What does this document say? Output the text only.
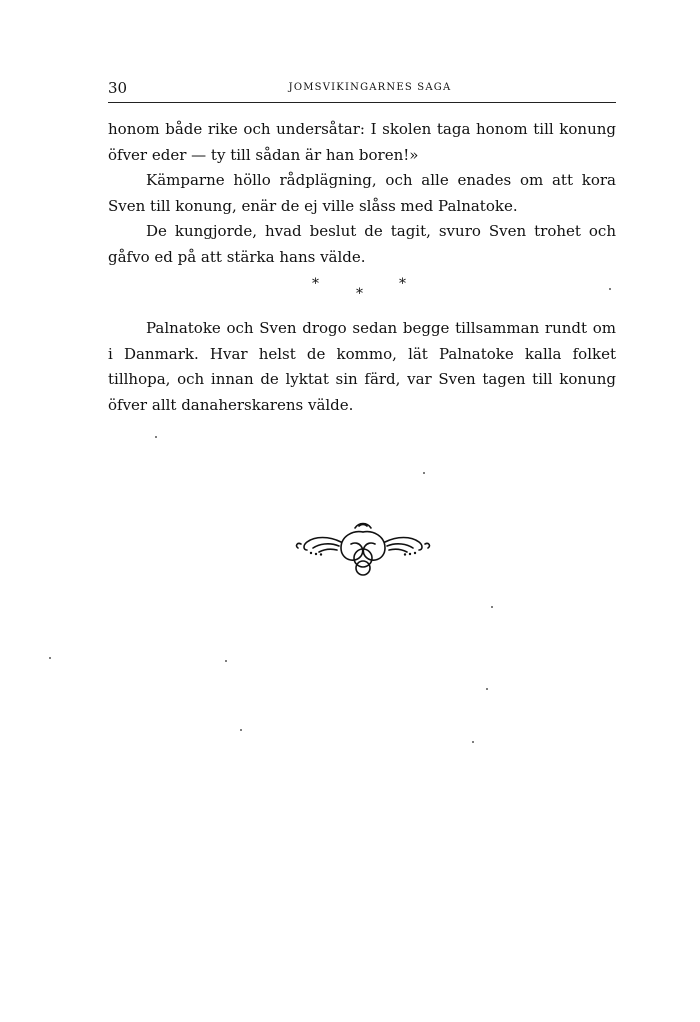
30	JOMSVIKINGARNES SAGA

honom både rike och undersåtar: I skolen taga honom till konung öfver eder — ty till sådan är han boren!»

Kämparne höllo rådplägning, och alle enades om att kora Sven till konung, enär de ej ville slåss med Palnatoke.

De kungjorde, hvad beslut de tagit, svuro Sven trohet och gåfvo ed på att stärka hans välde.

*	*
*

Palnatoke och Sven drogo sedan begge tillsamman rundt om i Danmark. Hvar helst de kommo, lät Palnatoke kalla folket tillhopa, och innan de lyktat sin färd, var Sven tagen till konung öfver allt danaherskarens välde.
